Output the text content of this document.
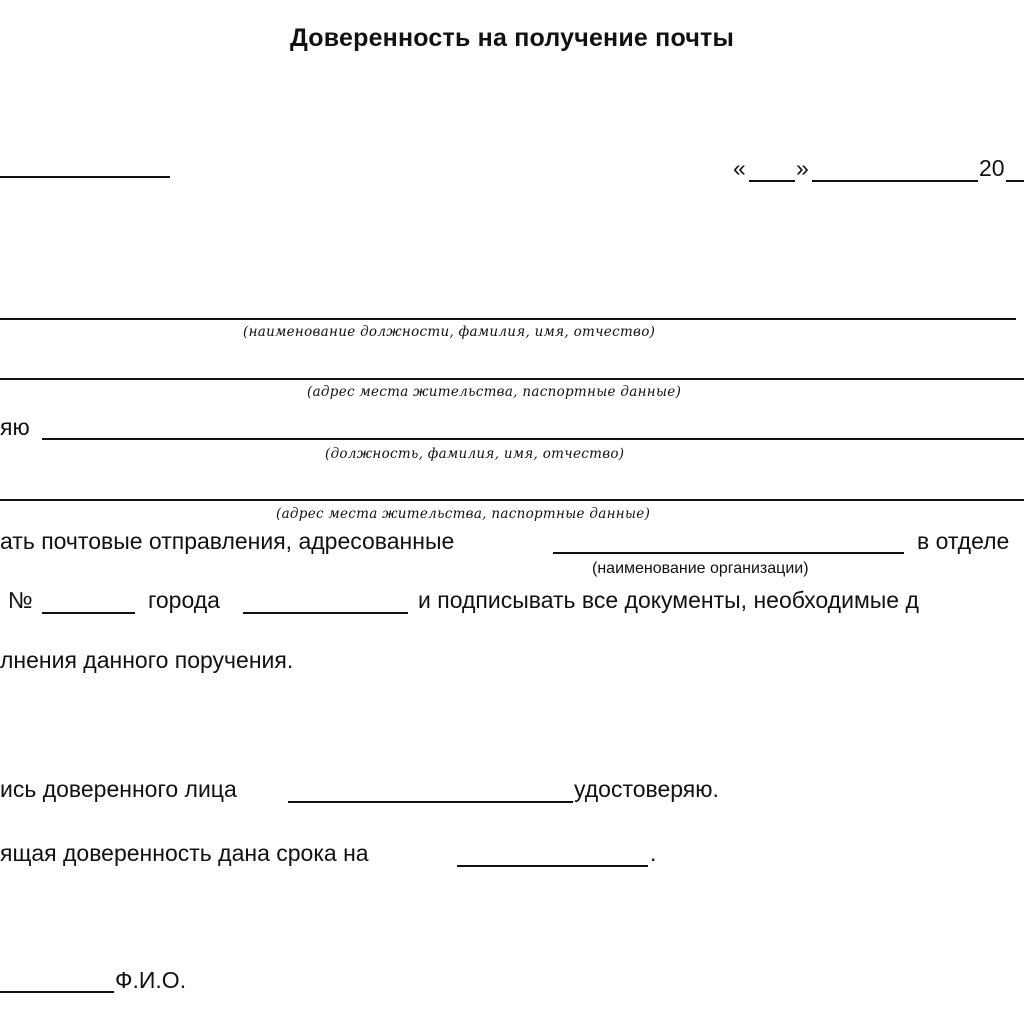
Доверенность на получение почты
« »	20
(наименование должности, фамилия, имя, отчество)
(адрес места жительства, паспортные данные)
яю
(должность, фамилия, имя, отчество)
(адрес места жительства, паспортные данные)
ать почтовые отправления, адресованные	в отделе
(наименование организации)
№	города	и подписывать все документы, необходимые д
лнения данного поручения.
ись доверенного лица	удостоверяю.
ящая доверенность дана срока на	.
Ф.И.О.
